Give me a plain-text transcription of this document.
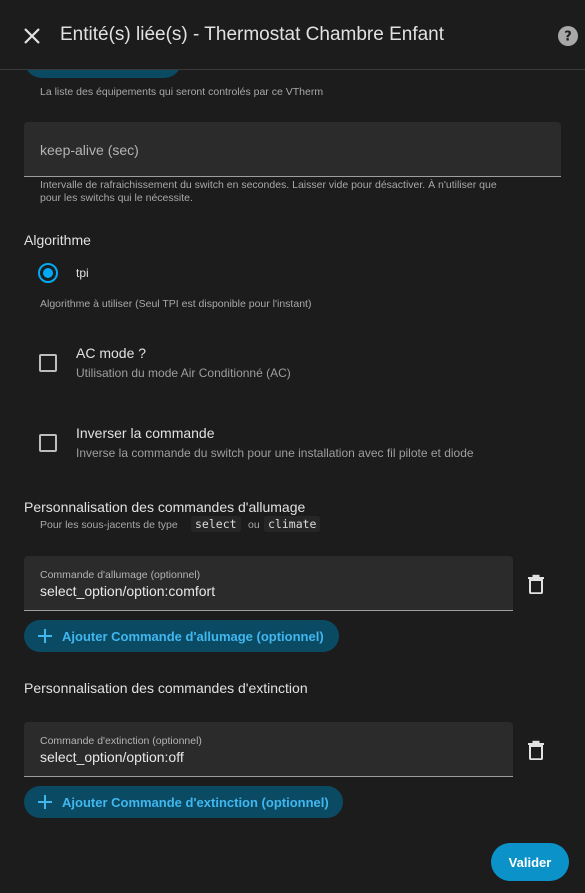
La liste des équipements qui seront controlés par ce VTherm
keep-alive (sec)
Intervalle de rafraichissement du switch en secondes. Laisser vide pour désactiver. À n'utiliser que
pour les switchs qui le nécessite.
Algorithme
tpi
Algorithme à utiliser (Seul TPI est disponible pour l'instant)
AC mode ?
Utilisation du mode Air Conditionné (AC)
Inverser la commande
Inverse la commande du switch pour une installation avec fil pilote et diode
Personnalisation des commandes d'allumage
Pour les sous-jacents de type	select	ou climate
Commande d'allumage (optionnel)
select_option/option:comfort
Ajouter Commande d'allumage (optionnel)
Personnalisation des commandes d'extinction
Commande d'extinction (optionnel)
select_option/option:off
Ajouter Commande d'extinction (optionnel)
Valider
Entité(s) liée(s) - Thermostat Chambre Enfant	?
